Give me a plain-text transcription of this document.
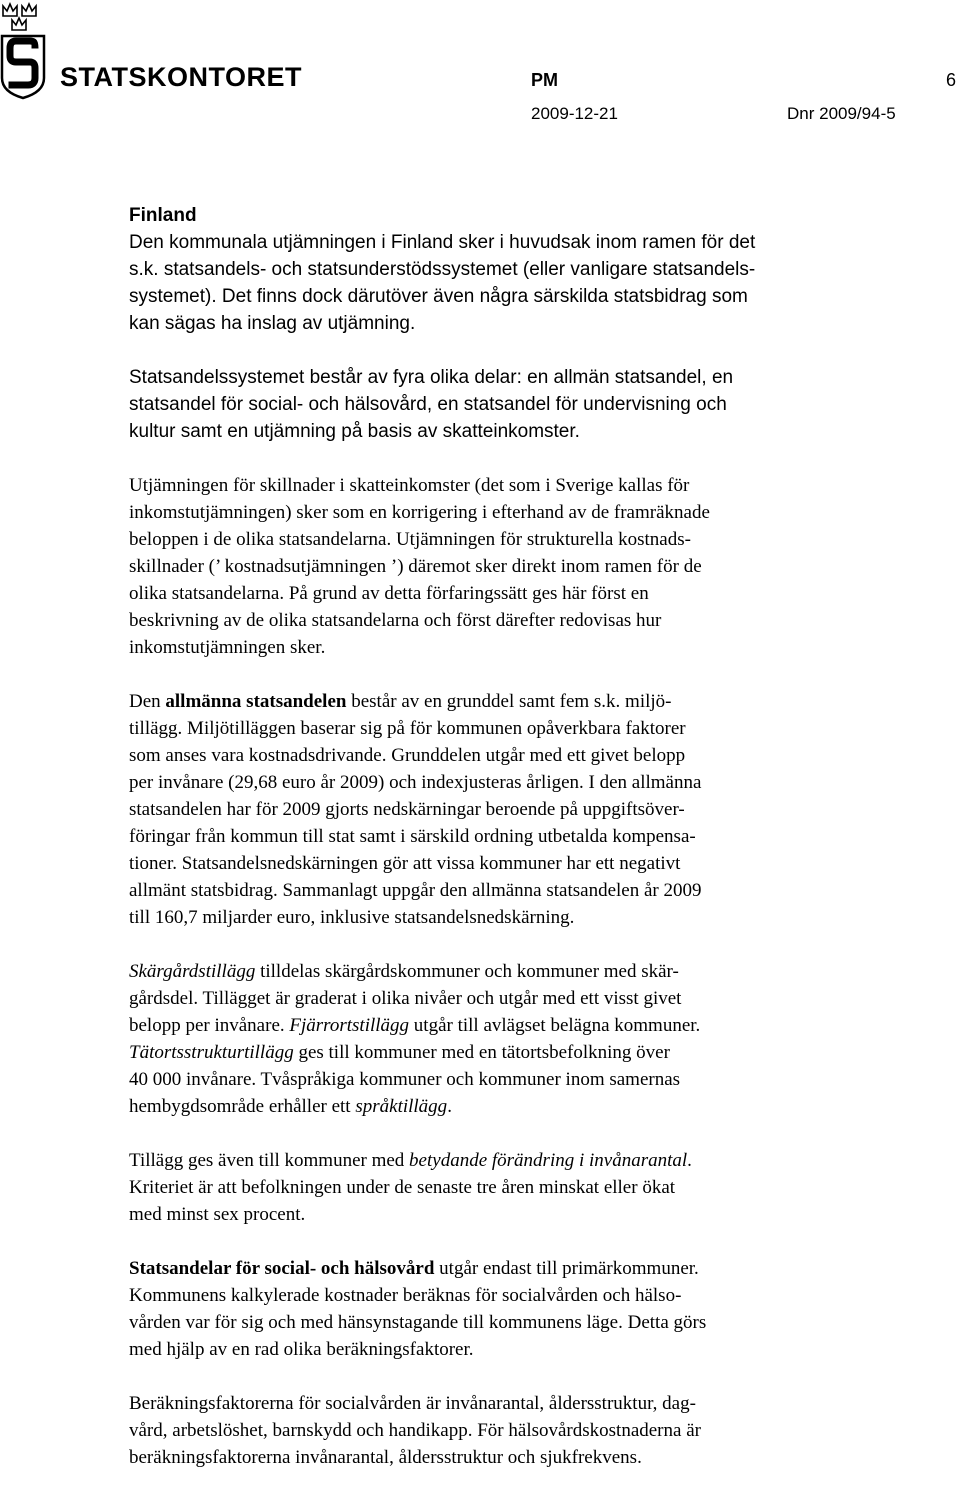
STATSKONTORET	PM	6
2009-12-21	Dnr 2009/94-5

Finland
Den kommunala utjämningen i Finland sker i huvudsak inom ramen för det
s.k. statsandels- och statsunderstödssystemet (eller vanligare statsandels-
systemet). Det finns dock därutöver även några särskilda statsbidrag som
kan sägas ha inslag av utjämning.

Statsandelssystemet består av fyra olika delar: en allmän statsandel, en
statsandel för social- och hälsovård, en statsandel för undervisning och
kultur samt en utjämning på basis av skatteinkomster.

Utjämningen för skillnader i skatteinkomster (det som i Sverige kallas för
inkomstutjämningen) sker som en korrigering i efterhand av de framräknade
beloppen i de olika statsandelarna. Utjämningen för strukturella kostnads-
skillnader (’ kostnadsutjämningen ’) däremot sker direkt inom ramen för de
olika statsandelarna. På grund av detta förfaringssätt ges här först en
beskrivning av de olika statsandelarna och först därefter redovisas hur
inkomstutjämningen sker.

Den allmänna statsandelen består av en grunddel samt fem s.k. miljö-
tillägg. Miljötilläggen baserar sig på för kommunen opåverkbara faktorer
som anses vara kostnadsdrivande. Grunddelen utgår med ett givet belopp
per invånare (29,68 euro år 2009) och indexjusteras årligen. I den allmänna
statsandelen har för 2009 gjorts nedskärningar beroende på uppgiftsöver-
föringar från kommun till stat samt i särskild ordning utbetalda kompensa-
tioner. Statsandelsnedskärningen gör att vissa kommuner har ett negativt
allmänt statsbidrag. Sammanlagt uppgår den allmänna statsandelen år 2009
till 160,7 miljarder euro, inklusive statsandelsnedskärning.

Skärgårdstillägg tilldelas skärgårdskommuner och kommuner med skär-
gårdsdel. Tillägget är graderat i olika nivåer och utgår med ett visst givet
belopp per invånare. Fjärrortstillägg utgår till avlägset belägna kommuner.
Tätortsstrukturtillägg ges till kommuner med en tätortsbefolkning över
40 000 invånare. Tvåspråkiga kommuner och kommuner inom samernas
hembygdsområde erhåller ett språktillägg.

Tillägg ges även till kommuner med betydande förändring i invånarantal.
Kriteriet är att befolkningen under de senaste tre åren minskat eller ökat
med minst sex procent.

Statsandelar för social- och hälsovård utgår endast till primärkommuner.
Kommunens kalkylerade kostnader beräknas för socialvården och hälso-
vården var för sig och med hänsynstagande till kommunens läge. Detta görs
med hjälp av en rad olika beräkningsfaktorer.

Beräkningsfaktorerna för socialvården är invånarantal, åldersstruktur, dag-
vård, arbetslöshet, barnskydd och handikapp. För hälsovårdskostnaderna är
beräkningsfaktorerna invånarantal, åldersstruktur och sjukfrekvens.
